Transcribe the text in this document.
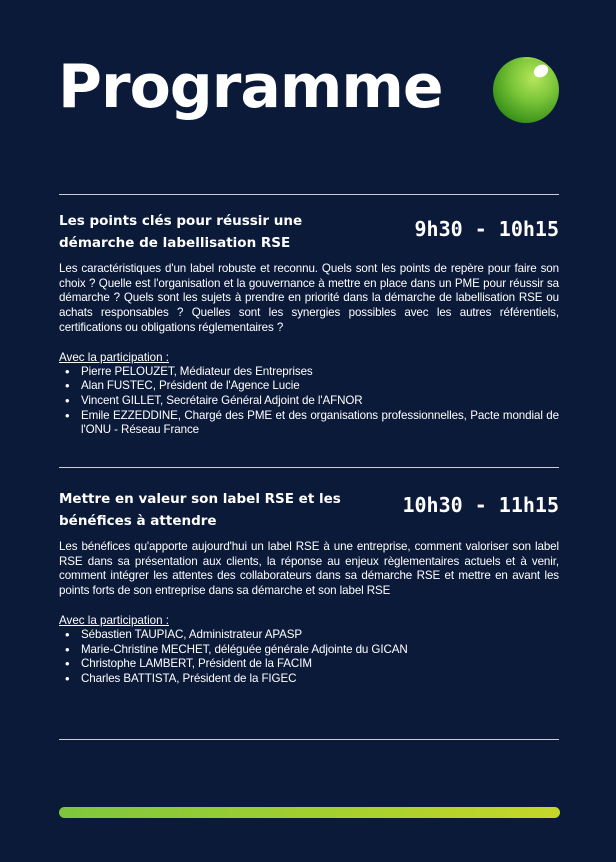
Programme
Les points clés pour réussir une démarche de labellisation RSE
9h30 - 10h15

Les caractéristiques d'un label robuste et reconnu. Quels sont les points de repère pour faire son choix ? Quelle est l'organisation et la gouvernance à mettre en place dans un PME pour réussir sa démarche ? Quels sont les sujets à prendre en priorité dans la démarche de labellisation RSE ou achats responsables ? Quelles sont les synergies possibles avec les autres référentiels, certifications ou obligations réglementaires ?

Avec la participation :
• Pierre PELOUZET, Médiateur des Entreprises
• Alan FUSTEC, Président de l'Agence Lucie
• Vincent GILLET, Secrétaire Général Adjoint de l'AFNOR
• Emile EZZEDDINE, Chargé des PME et des organisations professionnelles, Pacte mondial de l'ONU - Réseau France
Mettre en valeur son label RSE et les bénéfices à attendre
10h30 - 11h15

Les bénéfices qu'apporte aujourd'hui un label RSE à une entreprise, comment valoriser son label RSE dans sa présentation aux clients, la réponse au enjeux règlementaires actuels et à venir, comment intégrer les attentes des collaborateurs dans sa démarche RSE et mettre en avant les points forts de son entreprise dans sa démarche et son label RSE

Avec la participation :
• Sébastien TAUPIAC, Administrateur APASP
• Marie-Christine MECHET, déléguée générale Adjointe du GICAN
• Christophe LAMBERT, Président de la FACIM
• Charles BATTISTA, Président de la FIGEC
